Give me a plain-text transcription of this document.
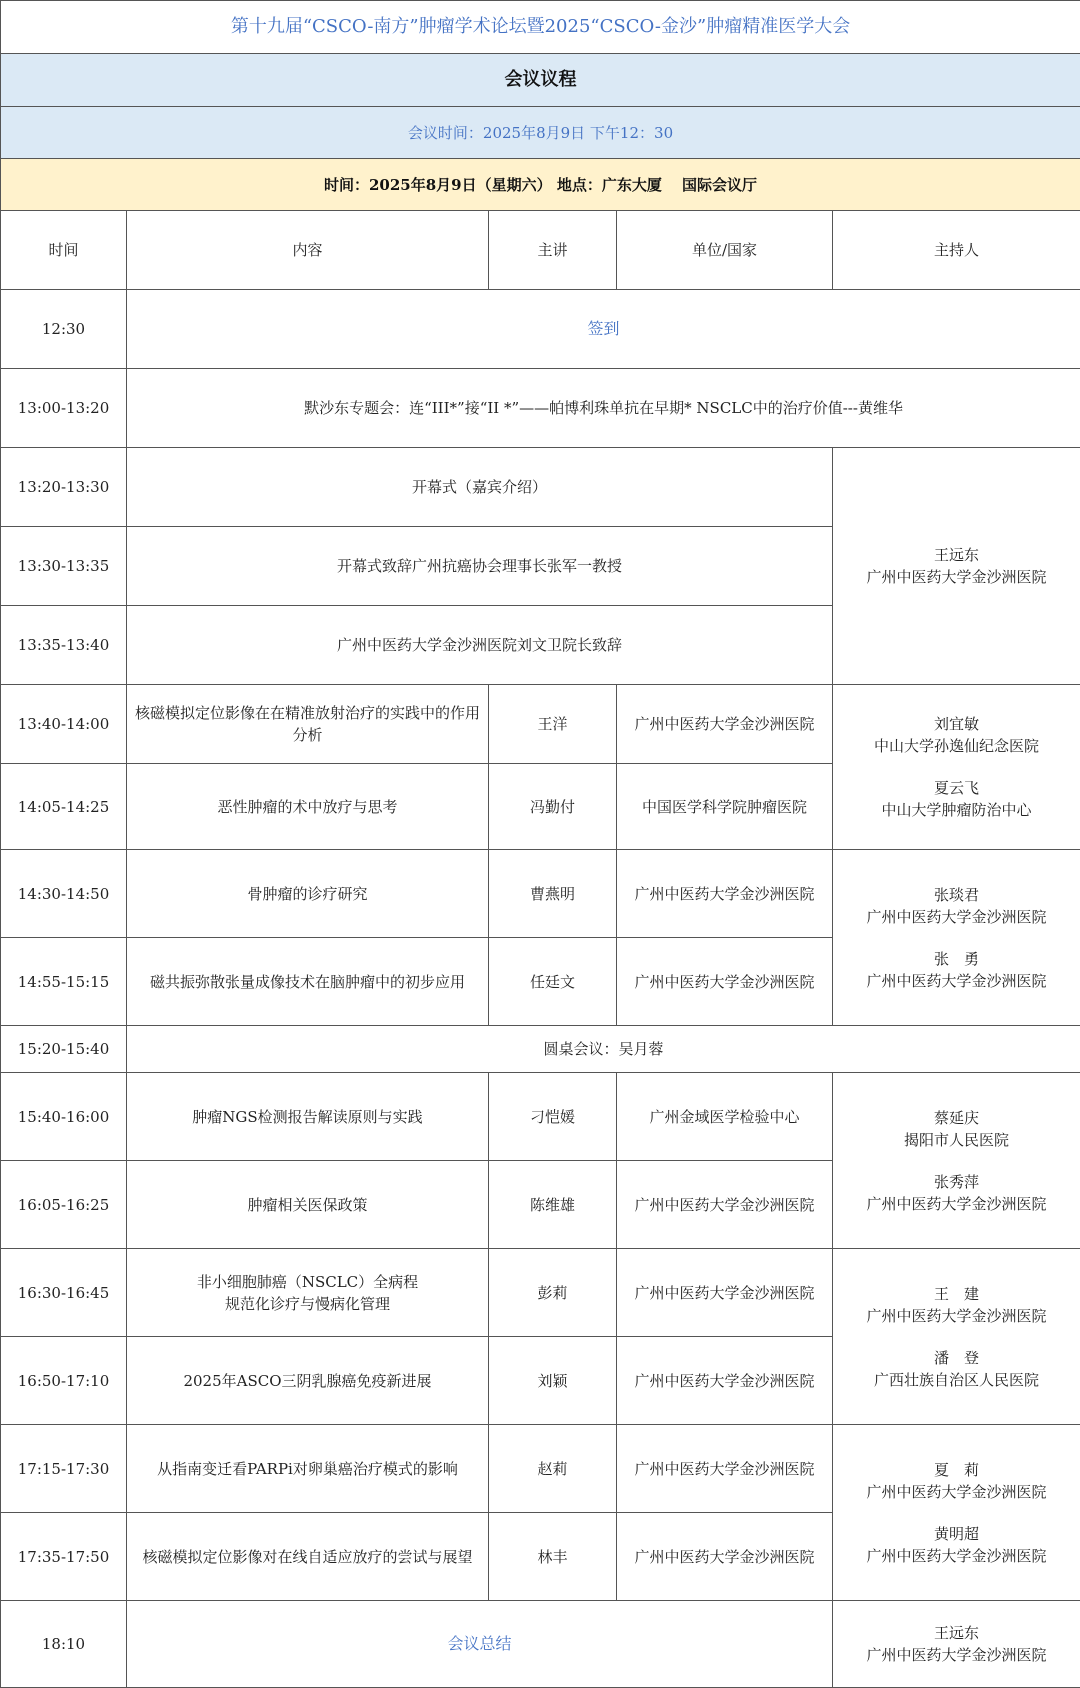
第十九届“CSCO-南方”肿瘤学术论坛暨2025“CSCO-金沙”肿瘤精准医学大会				
会议议程				
会议时间：2025年8月9日 下午12：30				
时间：2025年8月9日（星期六） 地点：广东大厦　 国际会议厅				
时间	内容	主讲	单位/国家	主持人
12:30	签到			
13:00-13:20	默沙东专题会：连“III*”接“II *”——帕博利珠单抗在早期* NSCLC中的治疗价值---黄维华			
13:20-13:30	开幕式（嘉宾介绍）			王远东
广州中医药大学金沙洲医院

13:30-13:35	开幕式致辞广州抗癌协会理事长张军一教授			
13:35-13:40	广州中医药大学金沙洲医院刘文卫院长致辞			
13:40-14:00	核磁模拟定位影像在在精准放射治疗的实践中的作用分析	王洋	广州中医药大学金沙洲医院	刘宜敏
中山大学孙逸仙纪念医院
夏云飞
中山大学肿瘤防治中心

14:05-14:25	恶性肿瘤的术中放疗与思考	冯勤付	中国医学科学院肿瘤医院	
14:30-14:50	骨肿瘤的诊疗研究	曹燕明	广州中医药大学金沙洲医院	张琰君
广州中医药大学金沙洲医院
张　勇
广州中医药大学金沙洲医院

14:55-15:15	磁共振弥散张量成像技术在脑肿瘤中的初步应用	任廷文	广州中医药大学金沙洲医院	
15:20-15:40	圆桌会议：吴月蓉			
15:40-16:00	肿瘤NGS检测报告解读原则与实践	刁恺媛	广州金域医学检验中心	蔡延庆
揭阳市人民医院
张秀萍
广州中医药大学金沙洲医院

16:05-16:25	肿瘤相关医保政策	陈维雄	广州中医药大学金沙洲医院	
16:30-16:45	非小细胞肺癌（NSCLC）全病程
规范化诊疗与慢病化管理	彭莉	广州中医药大学金沙洲医院	王　建
广州中医药大学金沙洲医院
潘　登
广西壮族自治区人民医院

16:50-17:10	2025年ASCO三阴乳腺癌免疫新进展	刘颖	广州中医药大学金沙洲医院	
17:15-17:30	从指南变迁看PARPi对卵巢癌治疗模式的影响	赵莉	广州中医药大学金沙洲医院	夏　莉
广州中医药大学金沙洲医院
黄明超
广州中医药大学金沙洲医院

17:35-17:50	核磁模拟定位影像对在线自适应放疗的尝试与展望	林丰	广州中医药大学金沙洲医院	
18:10	会议总结			王远东
广州中医药大学金沙洲医院
